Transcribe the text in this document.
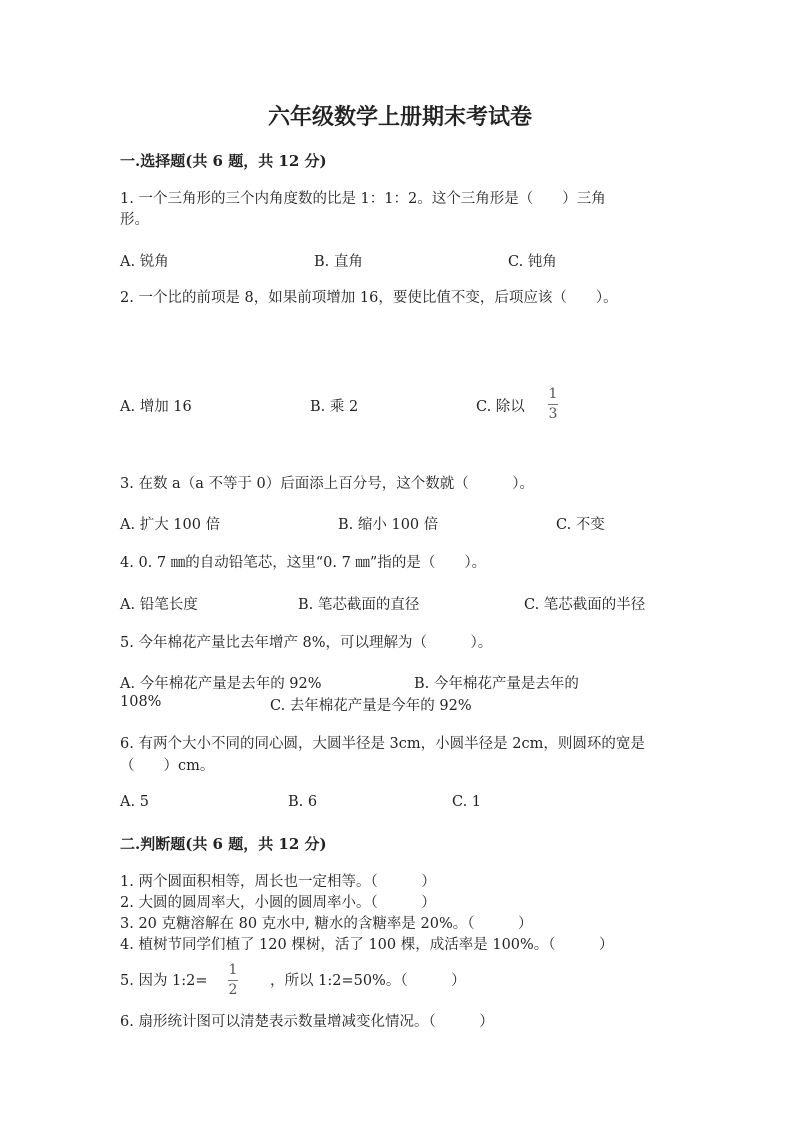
六年级数学上册期末考试卷
一.选择题(共 6 题，共 12 分)
1. 一个三角形的三个内角度数的比是 1：1：2。这个三角形是（　　）三角
形。
A. 锐角	B. 直角	C. 钝角
2. 一个比的前项是 8，如果前项增加 16，要使比值不变，后项应该（　　）。
A. 增加 16	B. 乘 2	C. 除以
1
3
3. 在数 a（a 不等于 0）后面添上百分号，这个数就（　　　）。
A. 扩大 100 倍	B. 缩小 100 倍	C. 不变
4. 0. 7 ㎜的自动铅笔芯，这里“0. 7 ㎜”指的是（　　）。
A. 铅笔长度	B. 笔芯截面的直径	C. 笔芯截面的半径
5. 今年棉花产量比去年增产 8%，可以理解为（　　　）。
A. 今年棉花产量是去年的 92%	B. 今年棉花产量是去年的
108%	C. 去年棉花产量是今年的 92%
6. 有两个大小不同的同心圆，大圆半径是 3cm，小圆半径是 2cm，则圆环的宽是
（　　）cm。
A. 5	B. 6	C. 1
二.判断题(共 6 题，共 12 分)
1. 两个圆面积相等，周长也一定相等。（　　　）
2. 大圆的圆周率大，小圆的圆周率小。（　　　）
3. 20 克糖溶解在 80 克水中, 糖水的含糖率是 20%。（　　　）
4. 植树节同学们植了 120 棵树，活了 100 棵，成活率是 100%。（　　　）
5. 因为 1:2=
1
2
，所以 1:2=50%。（　　　）
6. 扇形统计图可以清楚表示数量增减变化情况。（　　　）
